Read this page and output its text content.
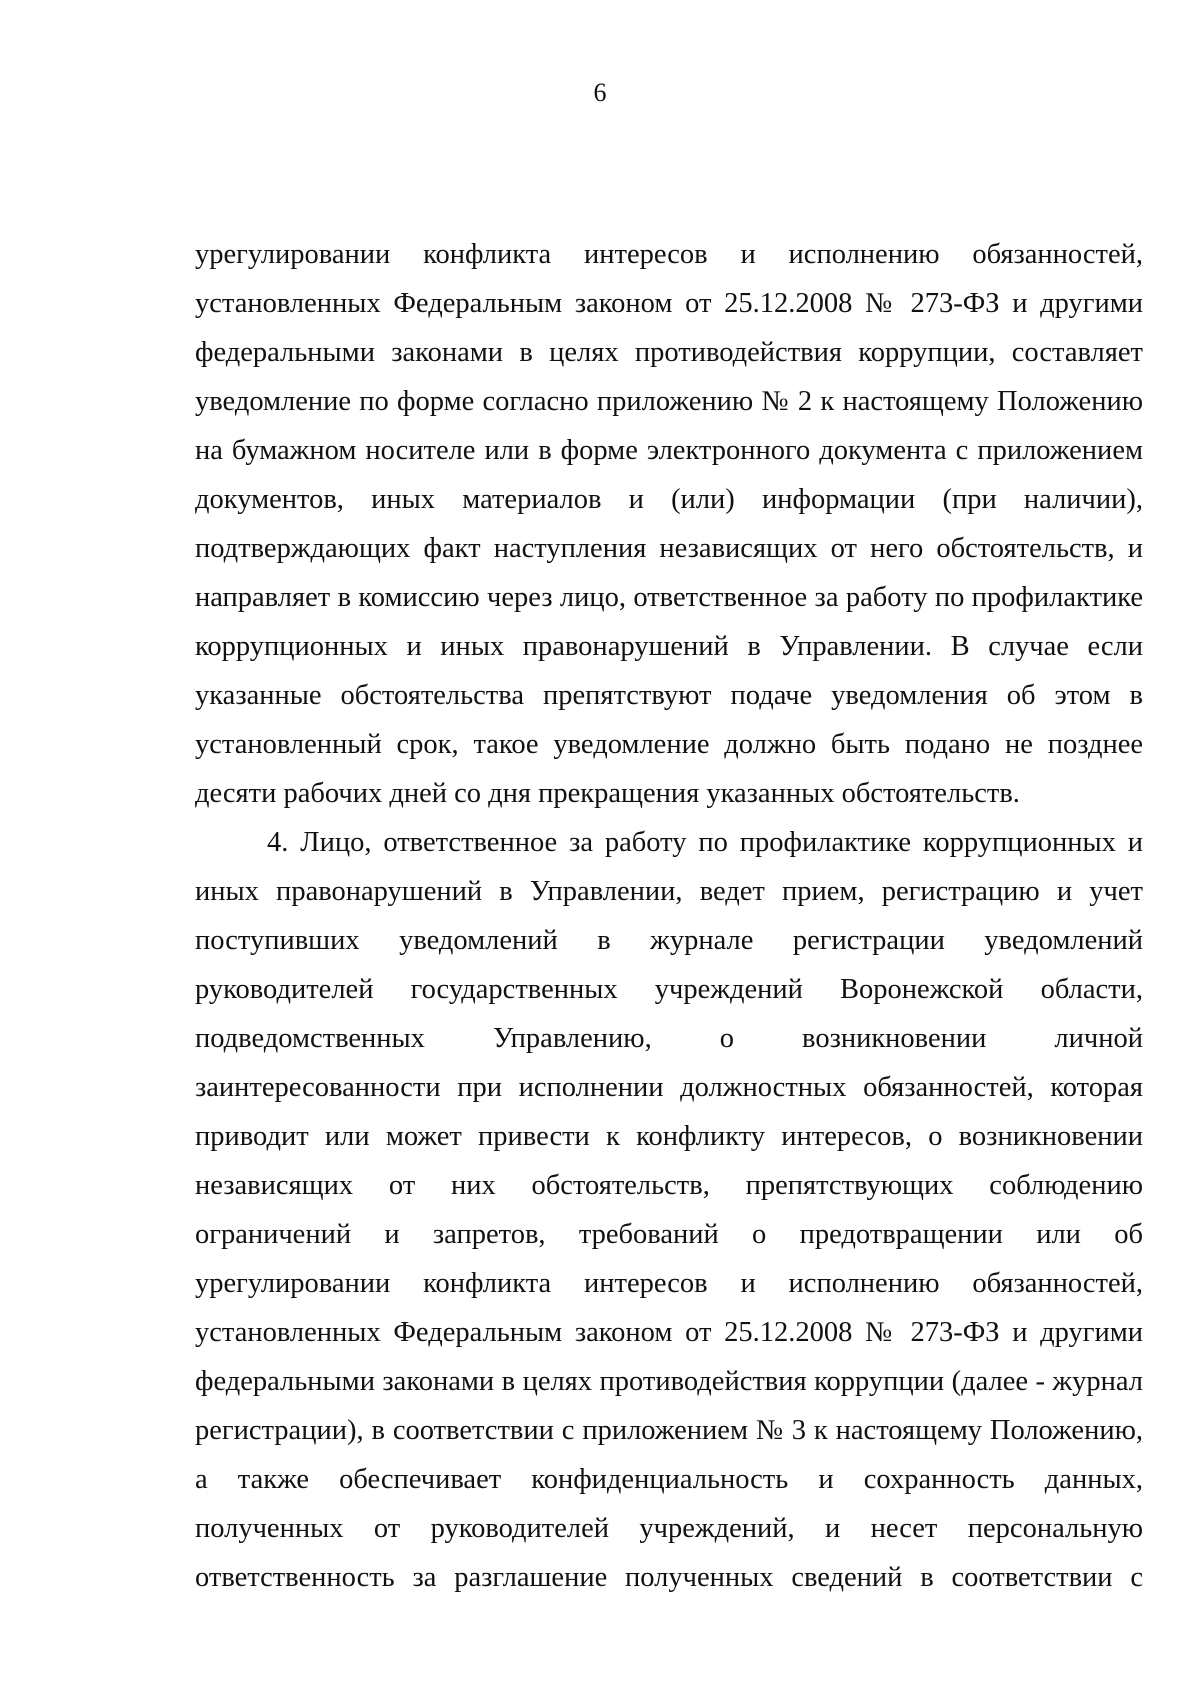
6
урегулировании конфликта интересов и исполнению обязанностей,
установленных Федеральным законом от 25.12.2008 № 273-ФЗ и другими
федеральными законами в целях противодействия коррупции, составляет
уведомление по форме согласно приложению № 2 к настоящему Положению
на бумажном носителе или в форме электронного документа с приложением
документов, иных материалов и (или) информации (при наличии),
подтверждающих факт наступления независящих от него обстоятельств, и
направляет в комиссию через лицо, ответственное за работу по профилактике
коррупционных и иных правонарушений в Управлении. В случае если
указанные обстоятельства препятствуют подаче уведомления об этом в
установленный срок, такое уведомление должно быть подано не позднее
десяти рабочих дней со дня прекращения указанных обстоятельств.
4. Лицо, ответственное за работу по профилактике коррупционных и
иных правонарушений в Управлении, ведет прием, регистрацию и учет
поступивших уведомлений в журнале регистрации уведомлений
руководителей государственных учреждений Воронежской области,
подведомственных Управлению, о возникновении личной
заинтересованности при исполнении должностных обязанностей, которая
приводит или может привести к конфликту интересов, о возникновении
независящих от них обстоятельств, препятствующих соблюдению
ограничений и запретов, требований о предотвращении или об
урегулировании конфликта интересов и исполнению обязанностей,
установленных Федеральным законом от 25.12.2008 № 273-ФЗ и другими
федеральными законами в целях противодействия коррупции (далее - журнал
регистрации), в соответствии с приложением № 3 к настоящему Положению,
а также обеспечивает конфиденциальность и сохранность данных,
полученных от руководителей учреждений, и несет персональную
ответственность за разглашение полученных сведений в соответствии с
